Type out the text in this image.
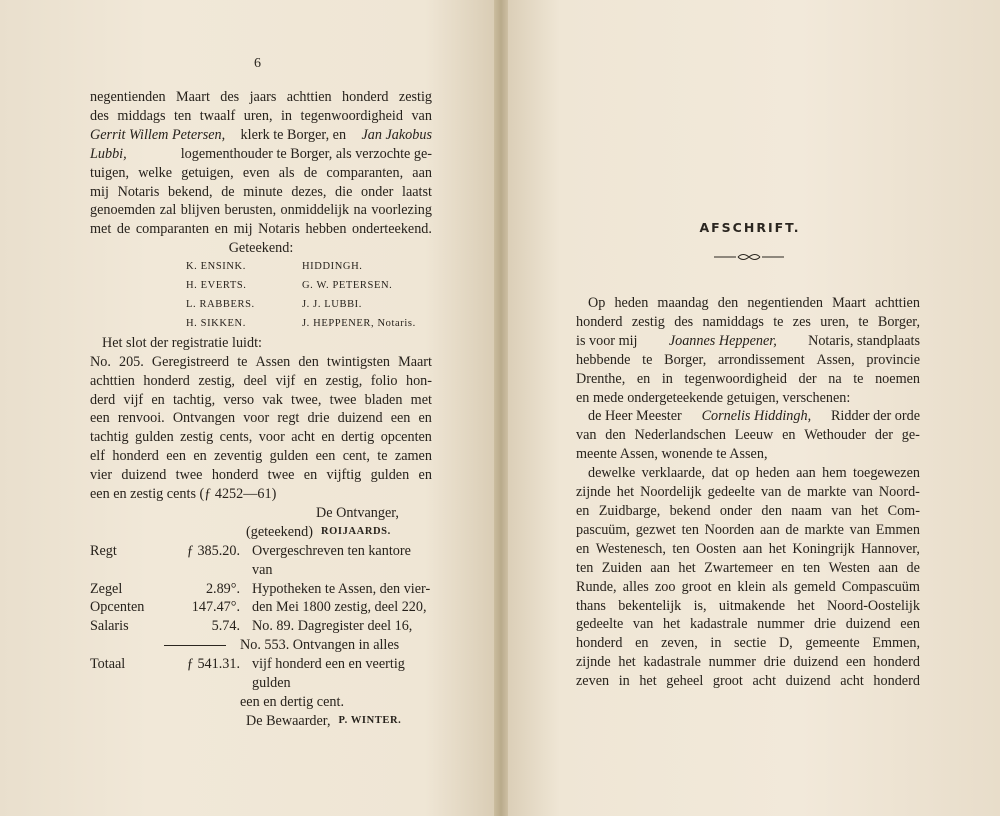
6
negentienden Maart des jaars achttien honderd zestig
des middags ten twaalf uren, in tegenwoordigheid van
Gerrit Willem Petersen, klerk te Borger, en Jan Jakobus
Lubbi,	logementhouder te Borger, als verzochte ge-
tuigen, welke getuigen, even als de comparanten, aan
mij Notaris bekend, de minute dezes, die onder laatst
genoemden zal blijven berusten, onmiddelijk na voorlezing
met de comparanten en mij Notaris hebben onderteekend.
Geteekend:
K. ENSINK.	HIDDINGH.
H. EVERTS.	G. W. PETERSEN.
L. RABBERS.	J. J. LUBBI.
H. SIKKEN.	J. HEPPENER, Notaris.
Het slot der registratie luidt:
No. 205. Geregistreerd te Assen den twintigsten Maart
achttien honderd zestig, deel vijf en zestig, folio hon-
derd vijf en tachtig, verso vak twee, twee bladen met
een renvooi. Ontvangen voor regt drie duizend een en
tachtig gulden zestig cents, voor acht en dertig opcenten
elf honderd een en zeventig gulden een cent, te zamen
vier duizend twee honderd twee en vijftig gulden en
een en zestig cents (ƒ 4252—61)
De Ontvanger,
(geteekend) ROIJAARDS.
Regt	ƒ 385.20. Overgeschreven ten kantore van
Zegel	2.89°. Hypotheken te Assen, den vier-
Opcenten	147.47°. den Mei 1800 zestig, deel 220,
Salaris	5.74. No. 89. Dagregister deel 16,
No. 553. Ontvangen in alles
Totaal	ƒ 541.31. vijf honderd een en veertig gulden
een en dertig cent.
De Bewaarder, P. WINTER.
AFSCHRIFT.
Op heden maandag den negentienden Maart achttien
honderd zestig des namiddags te zes uren, te Borger,
is voor mij Joannes Heppener, Notaris, standplaats
hebbende te Borger, arrondissement Assen, provincie
Drenthe, en in tegenwoordigheid der na te noemen
en mede ondergeteekende getuigen, verschenen:
de Heer Meester Cornelis Hiddingh, Ridder der orde
van den Nederlandschen Leeuw en Wethouder der ge-
meente Assen, wonende te Assen,
dewelke verklaarde, dat op heden aan hem toegewezen
zijnde het Noordelijk gedeelte van de markte van Noord-
en Zuidbarge, bekend onder den naam van het Com-
pascuüm, gezwet ten Noorden aan de markte van Emmen
en Westenesch, ten Oosten aan het Koningrijk Hannover,
ten Zuiden aan het Zwartemeer en ten Westen aan de
Runde, alles zoo groot en klein als gemeld Compascuüm
thans bekentelijk is, uitmakende het Noord-Oostelijk
gedeelte van het kadastrale nummer drie duizend een
honderd en zeven, in sectie D, gemeente Emmen,
zijnde het kadastrale nummer drie duizend een honderd
zeven in het geheel groot acht duizend acht honderd
